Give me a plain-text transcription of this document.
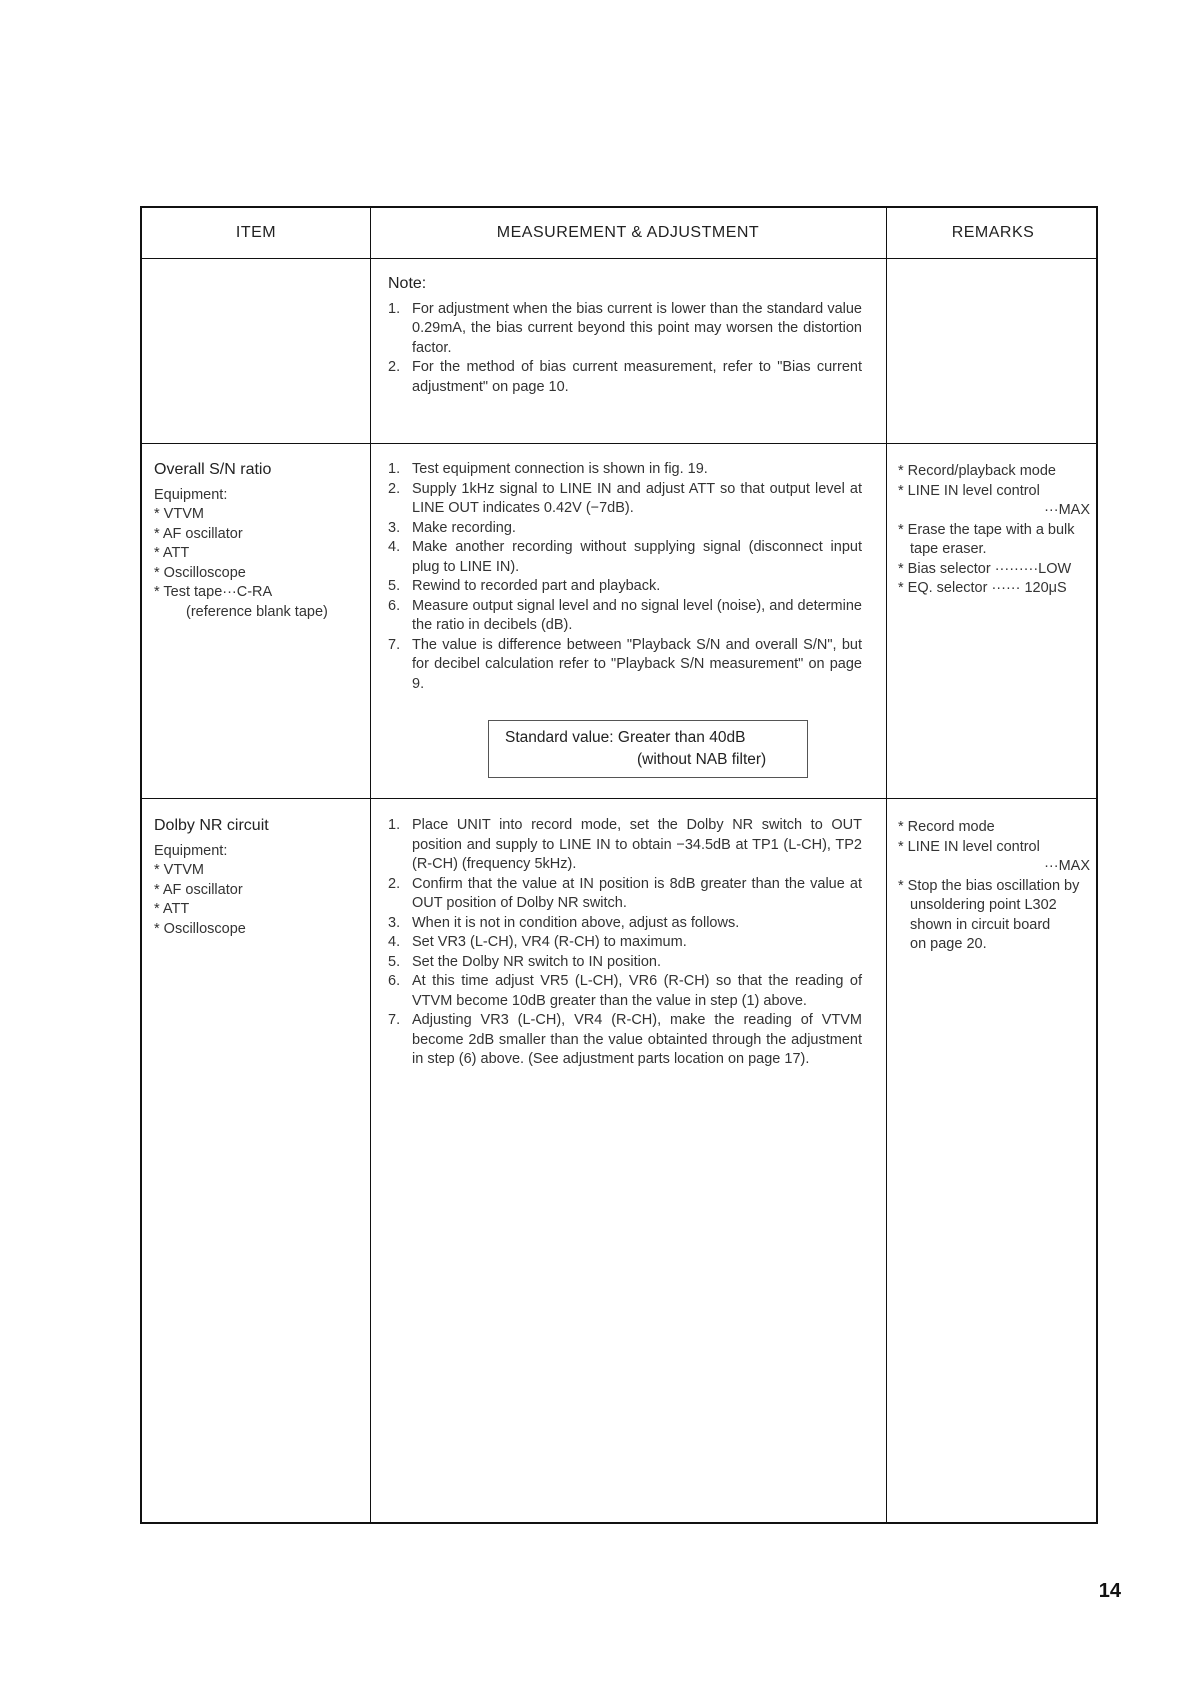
ITEM	MEASUREMENT & ADJUSTMENT	REMARKS
Note:
1. For adjustment when the bias current is lower than the standard value 0.29mA, the bias current beyond this point may worsen the distortion factor.
2. For the method of bias current measurement, refer to "Bias current adjustment" on page 10.
Overall S/N ratio
Equipment:
* VTVM
* AF oscillator
* ATT
* Oscilloscope
* Test tape···C-RA
(reference blank tape)
1. Test equipment connection is shown in fig. 19.
2. Supply 1kHz signal to LINE IN and adjust ATT so that output level at LINE OUT indicates 0.42V (−7dB).
3. Make recording.
4. Make another recording without supplying signal (disconnect input plug to LINE IN).
5. Rewind to recorded part and playback.
6. Measure output signal level and no signal level (noise), and determine the ratio in decibels (dB).
7. The value is difference between "Playback S/N and overall S/N", but for decibel calculation refer to "Playback S/N measurement" on page 9.
Standard value: Greater than 40dB
(without NAB filter)
* Record/playback mode
* LINE IN level control
···MAX
* Erase the tape with a bulk
tape eraser.
* Bias selector ·········LOW
* EQ. selector ······ 120μS
Dolby NR circuit
Equipment:
* VTVM
* AF oscillator
* ATT
* Oscilloscope
1. Place UNIT into record mode, set the Dolby NR switch to OUT position and supply to LINE IN to obtain −34.5dB at TP1 (L-CH), TP2 (R-CH) (frequency 5kHz).
2. Confirm that the value at IN position is 8dB greater than the value at OUT position of Dolby NR switch.
3. When it is not in condition above, adjust as follows.
4. Set VR3 (L-CH), VR4 (R-CH) to maximum.
5. Set the Dolby NR switch to IN position.
6. At this time adjust VR5 (L-CH), VR6 (R-CH) so that the reading of VTVM become 10dB greater than the value in step (1) above.
7. Adjusting VR3 (L-CH), VR4 (R-CH), make the reading of VTVM become 2dB smaller than the value obtainted through the adjustment in step (6) above. (See adjustment parts location on page 17).
* Record mode
* LINE IN level control
···MAX
* Stop the bias oscillation by
unsoldering point L302
shown in circuit board
on page 20.
14
